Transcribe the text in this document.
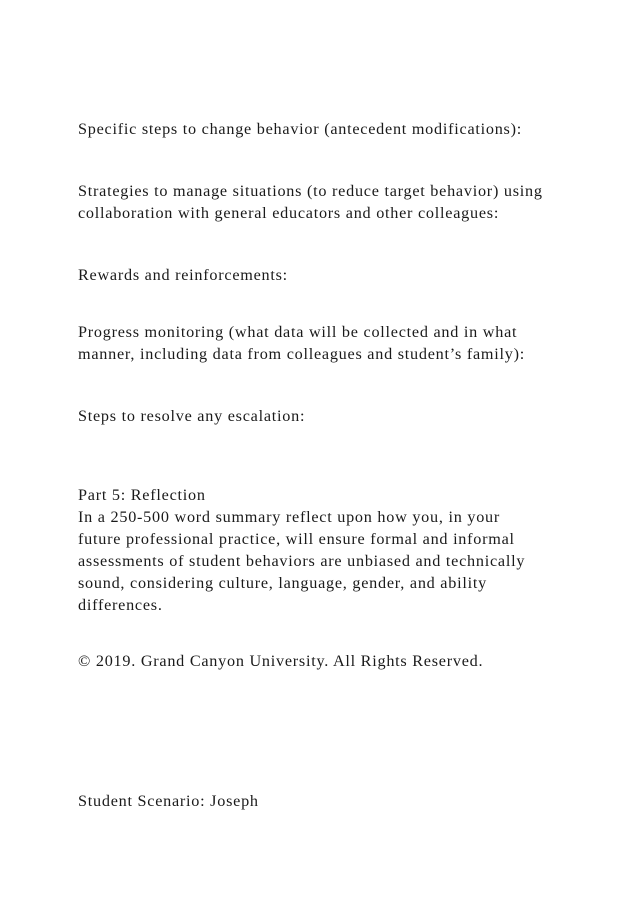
Specific steps to change behavior (antecedent modifications):
Strategies to manage situations (to reduce target behavior) using
collaboration with general educators and other colleagues:
Rewards and reinforcements:
Progress monitoring (what data will be collected and in what
manner, including data from colleagues and student’s family):
Steps to resolve any escalation:
Part 5: Reflection
In a 250-500 word summary reflect upon how you, in your
future professional practice, will ensure formal and informal
assessments of student behaviors are unbiased and technically
sound, considering culture, language, gender, and ability
differences.
© 2019. Grand Canyon University. All Rights Reserved.
Student Scenario: Joseph
